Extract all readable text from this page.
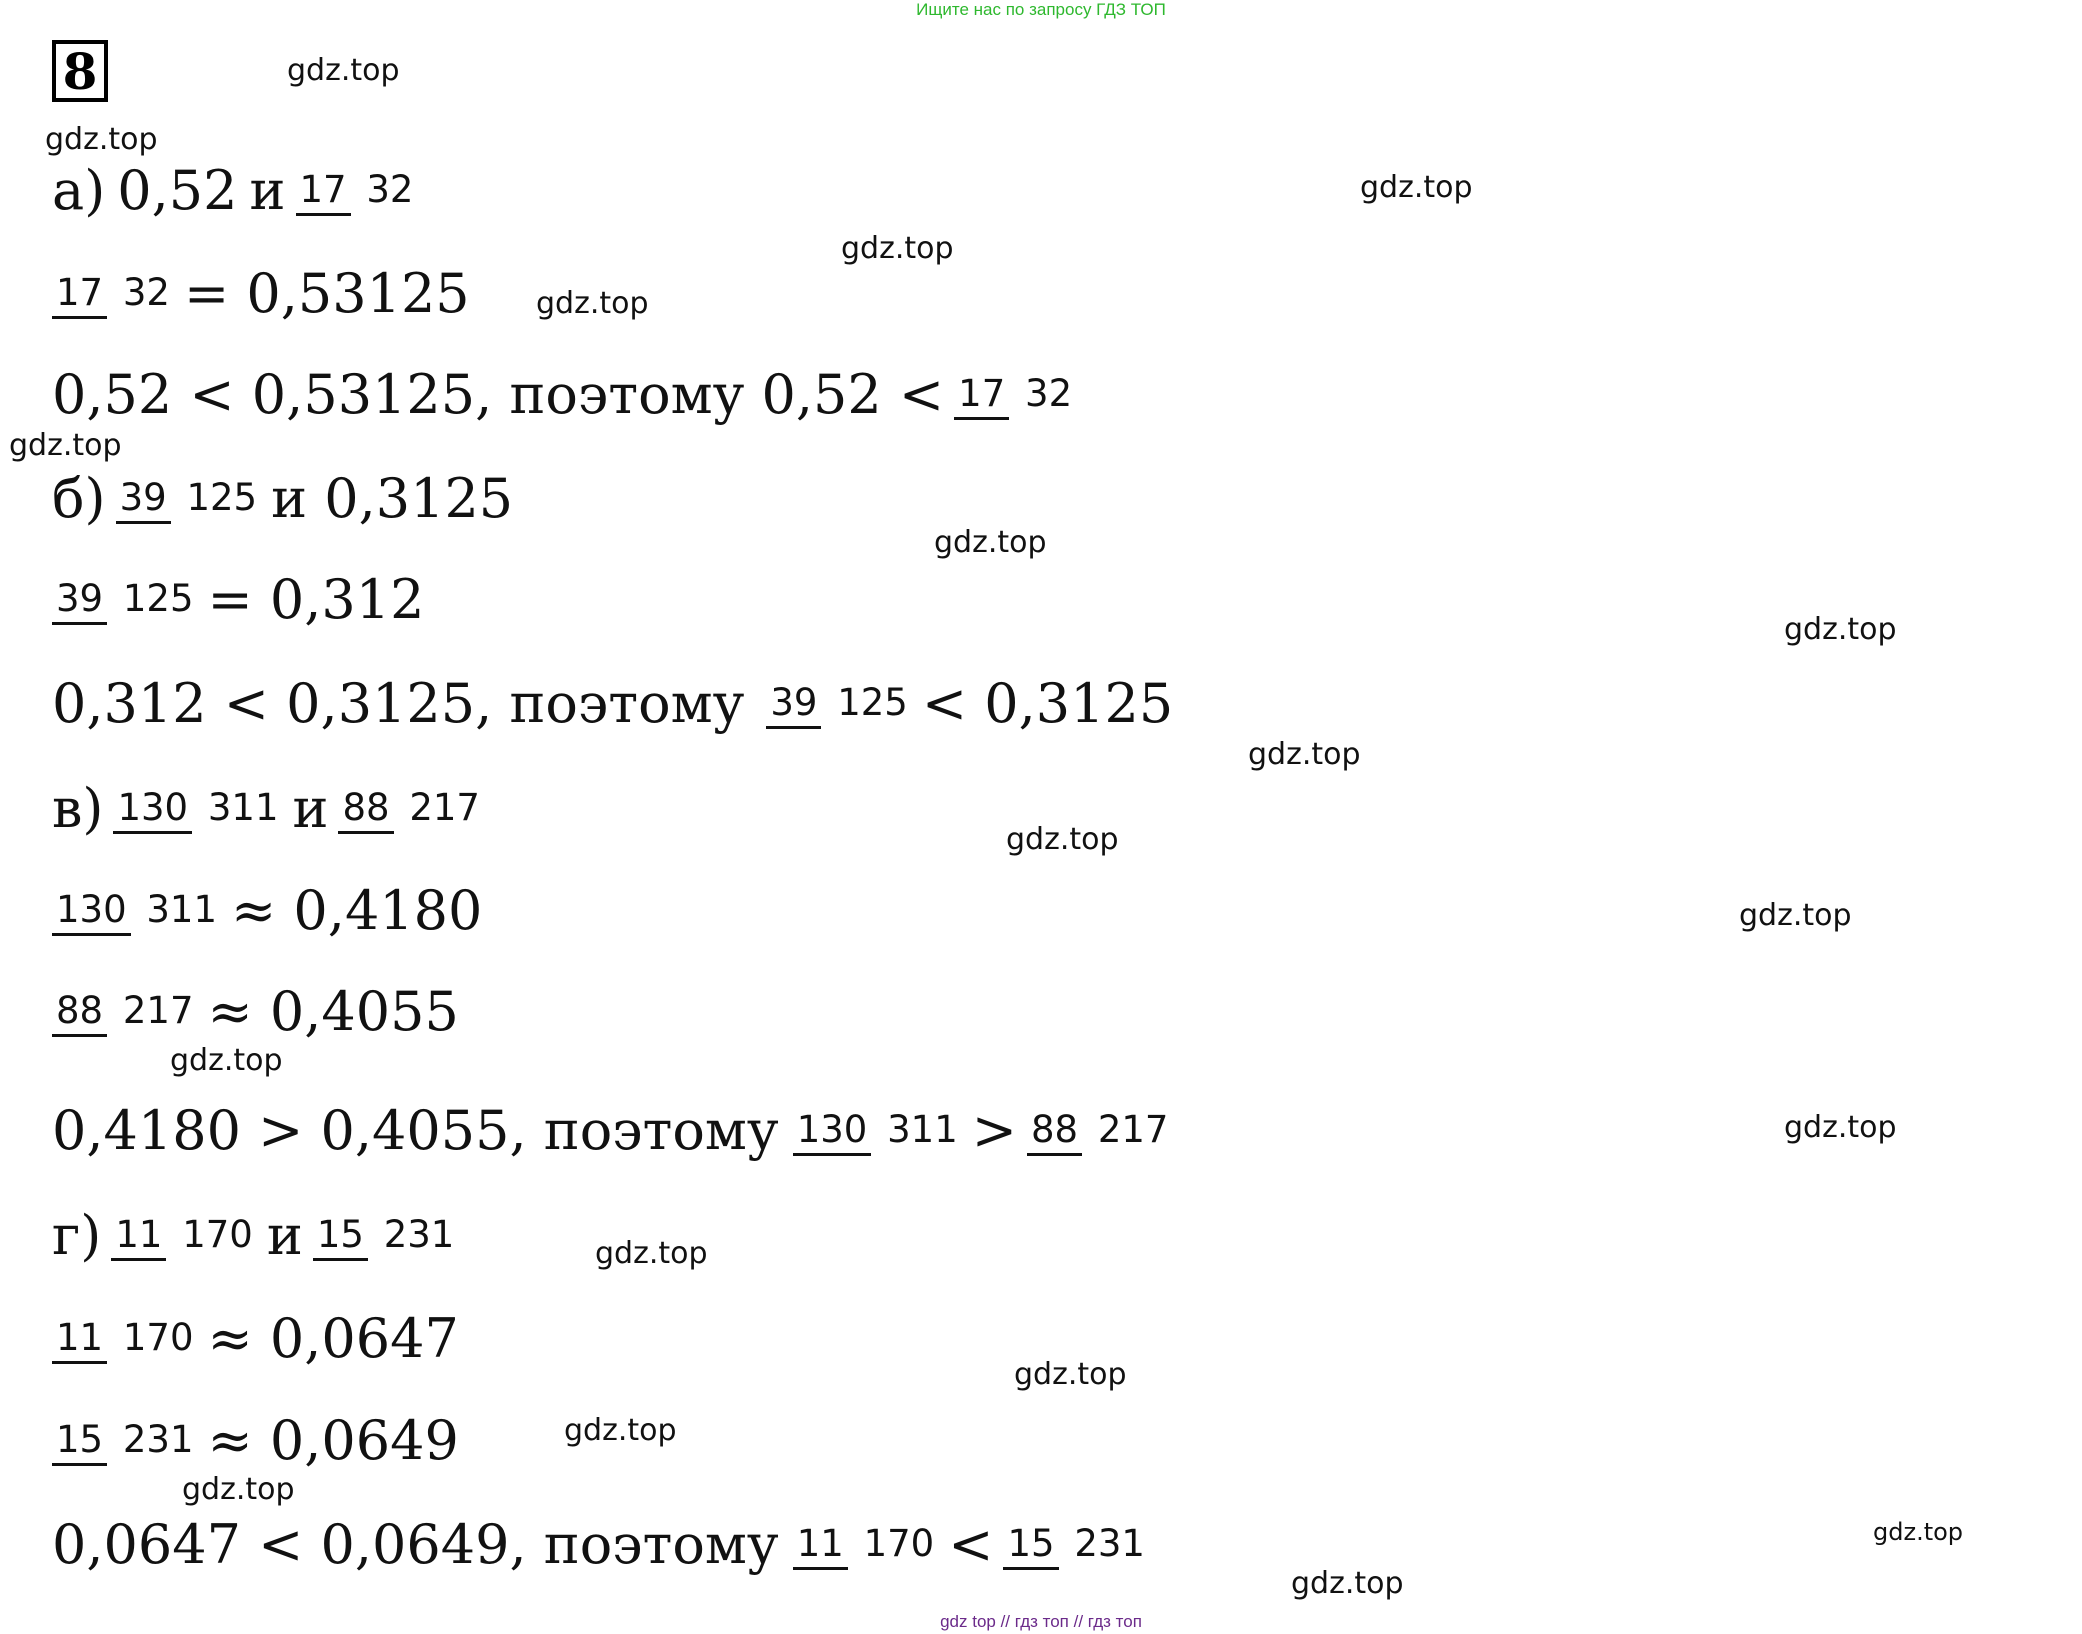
Ищите нас по запросу ГДЗ ТОП
8	gdz.top
gdz.top
gdz.top
gdz.top
gdz.top
gdz.top
gdz.top
gdz.top
gdz.top
gdz.top
gdz.top
gdz.top
gdz.top
gdz.top
gdz.top
gdz.top
gdz.top
gdz.top
gdz.top
а) 0,52 и 17 32
17 32 = 0,53125
0,52 < 0,53125, поэтому 0,52 < 17 32
б) 39 125 и 0,3125
39 125 = 0,312
0,312 < 0,3125, поэтому 39 125 < 0,3125
в) 130 311 и 88 217
130 311 ≈ 0,4180
88 217 ≈ 0,4055
0,4180 > 0,4055, поэтому 130 311 > 88 217
г) 11 170 и 15 231
11 170 ≈ 0,0647
15 231 ≈ 0,0649
0,0647 < 0,0649, поэтому 11 170 < 15 231
gdz top // гдз топ // гдз топ
